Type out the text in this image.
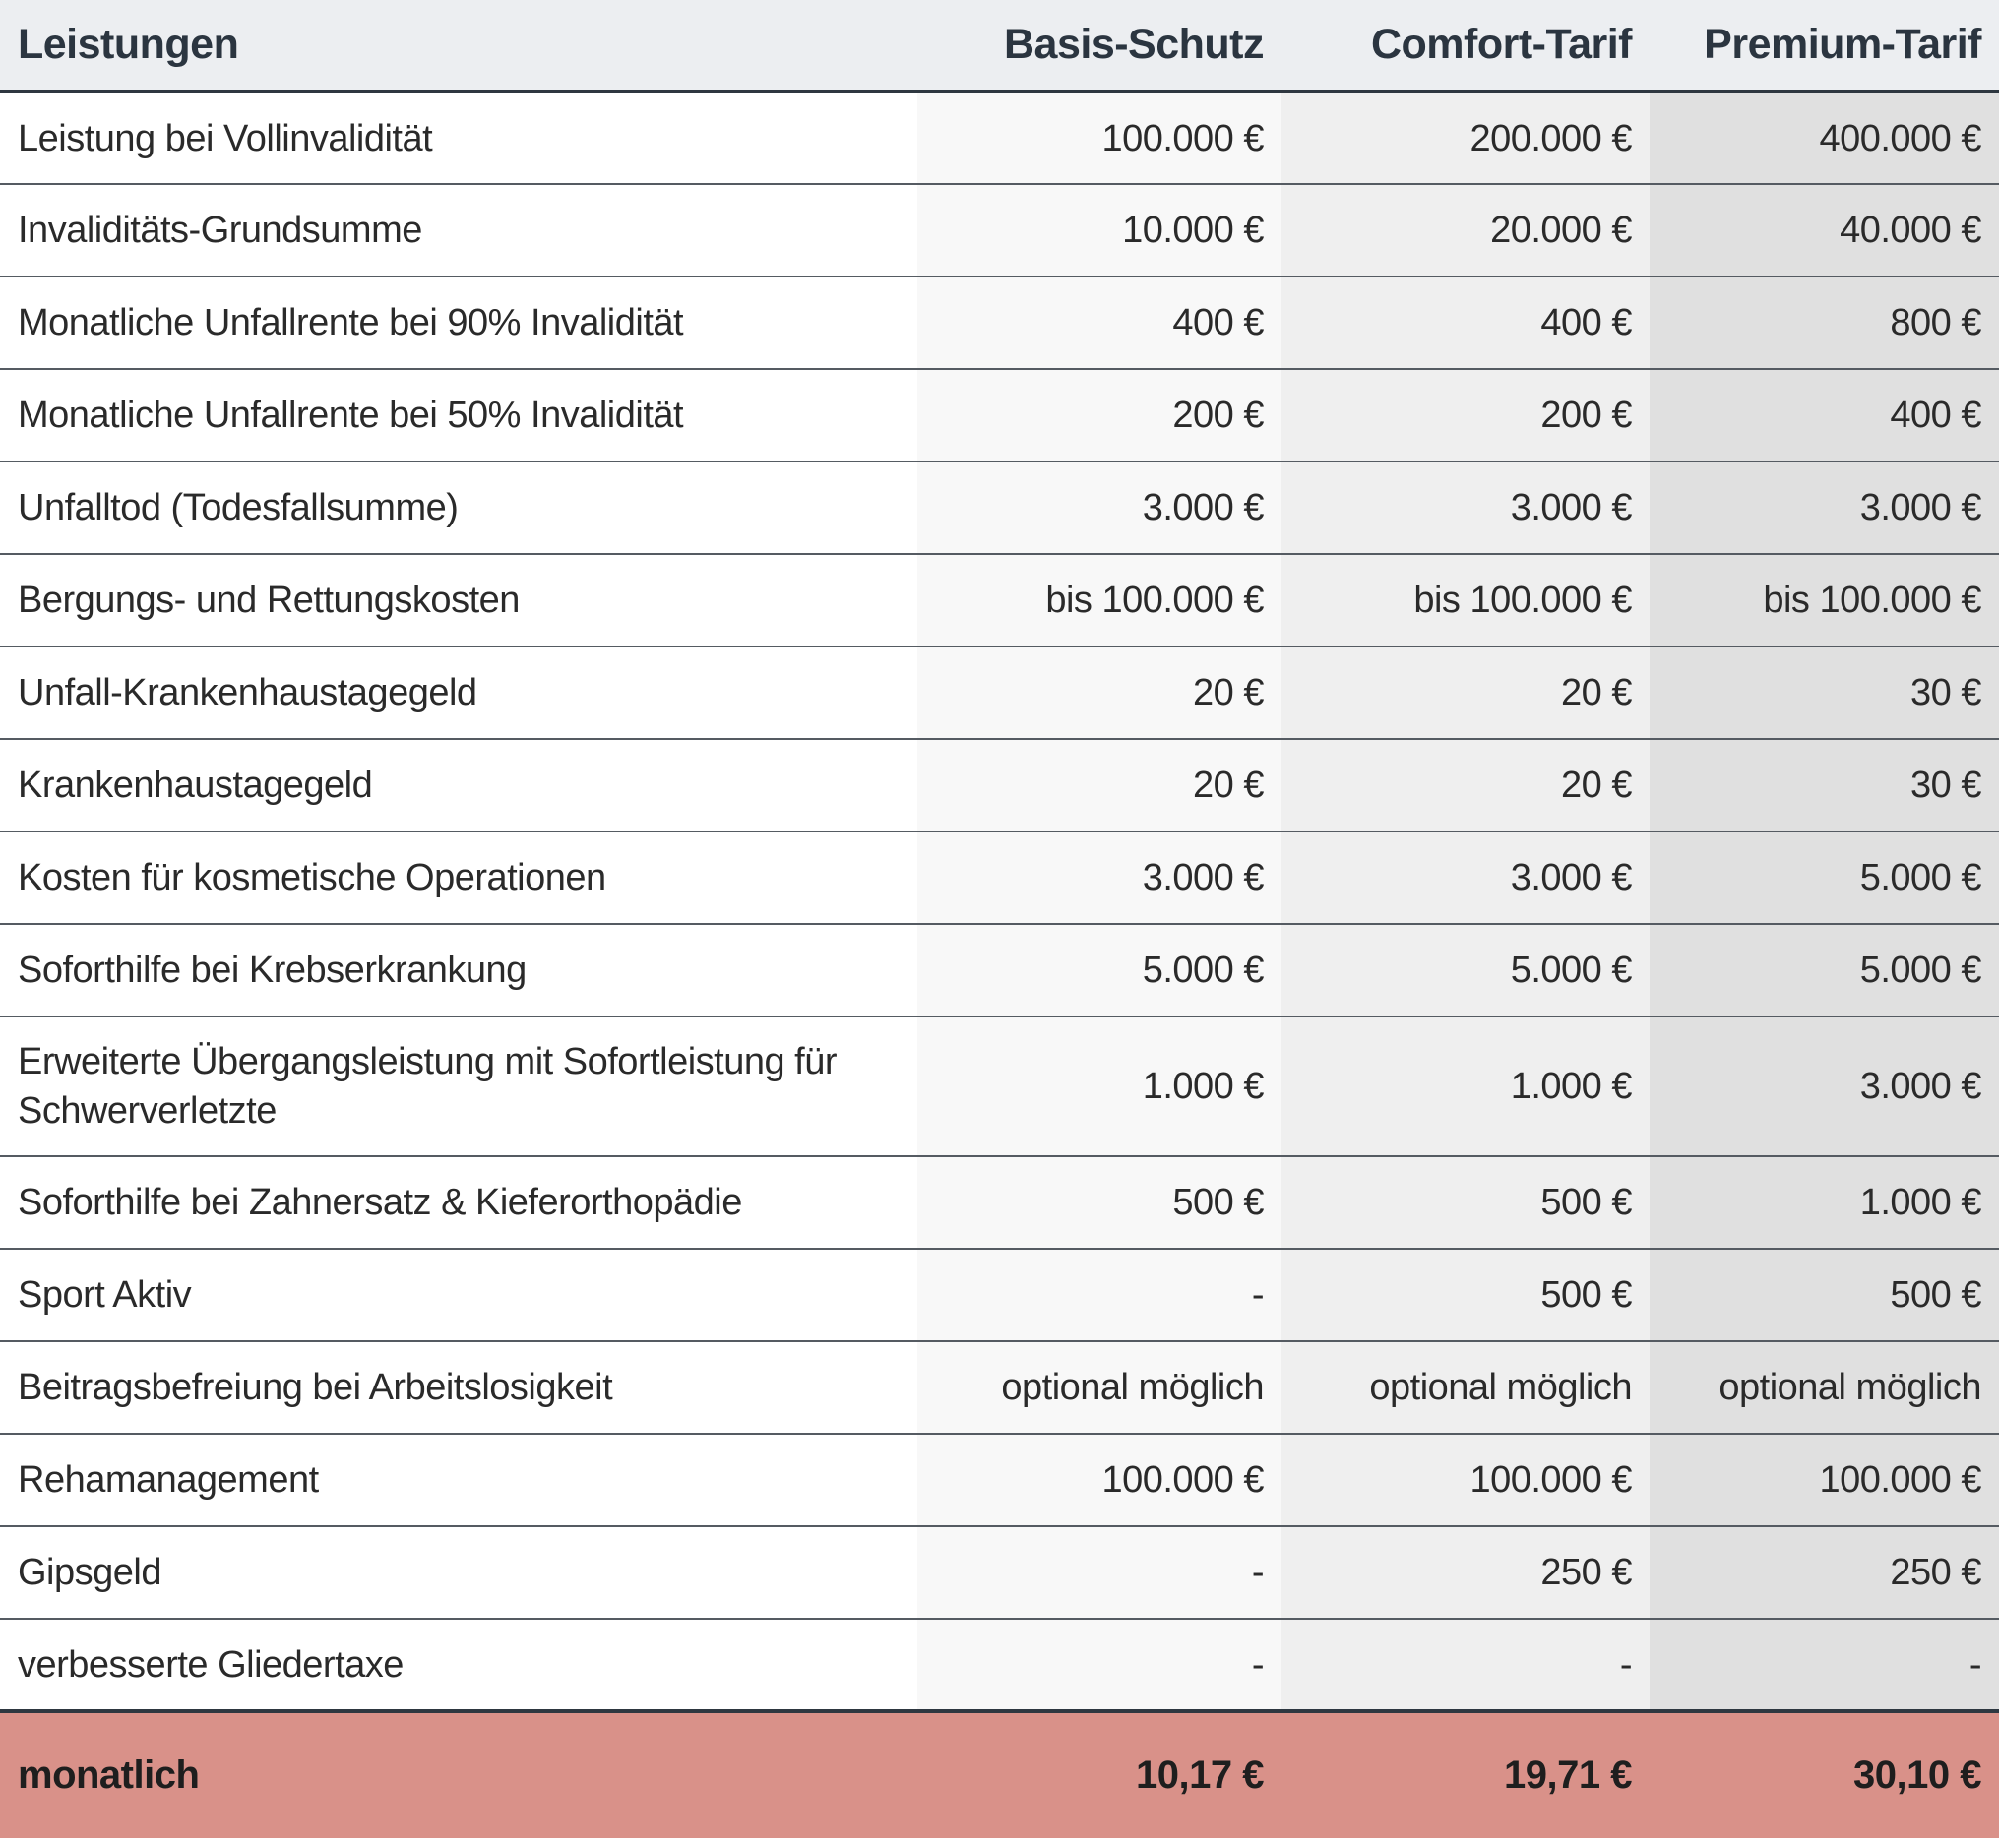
Leistungen	Basis-Schutz	Comfort-Tarif	Premium-Tarif
Leistung bei Vollinvalidität	100.000 €	200.000 €	400.000 €
Invaliditäts-Grundsumme	10.000 €	20.000 €	40.000 €
Monatliche Unfallrente bei 90% Invalidität	400 €	400 €	800 €
Monatliche Unfallrente bei 50% Invalidität	200 €	200 €	400 €
Unfalltod (Todesfallsumme)	3.000 €	3.000 €	3.000 €
Bergungs- und Rettungskosten	bis 100.000 €	bis 100.000 €	bis 100.000 €
Unfall-Krankenhaustagegeld	20 €	20 €	30 €
Krankenhaustagegeld	20 €	20 €	30 €
Kosten für kosmetische Operationen	3.000 €	3.000 €	5.000 €
Soforthilfe bei Krebserkrankung	5.000 €	5.000 €	5.000 €
Erweiterte Übergangsleistung mit Sofortleistung für Schwerverletzte	1.000 €	1.000 €	3.000 €
Soforthilfe bei Zahnersatz & Kieferorthopädie	500 €	500 €	1.000 €
Sport Aktiv	-	500 €	500 €
Beitragsbefreiung bei Arbeitslosigkeit	optional möglich	optional möglich	optional möglich
Rehamanagement	100.000 €	100.000 €	100.000 €
Gipsgeld	-	250 €	250 €
verbesserte Gliedertaxe	-	-	-
monatlich	10,17 €	19,71 €	30,10 €
